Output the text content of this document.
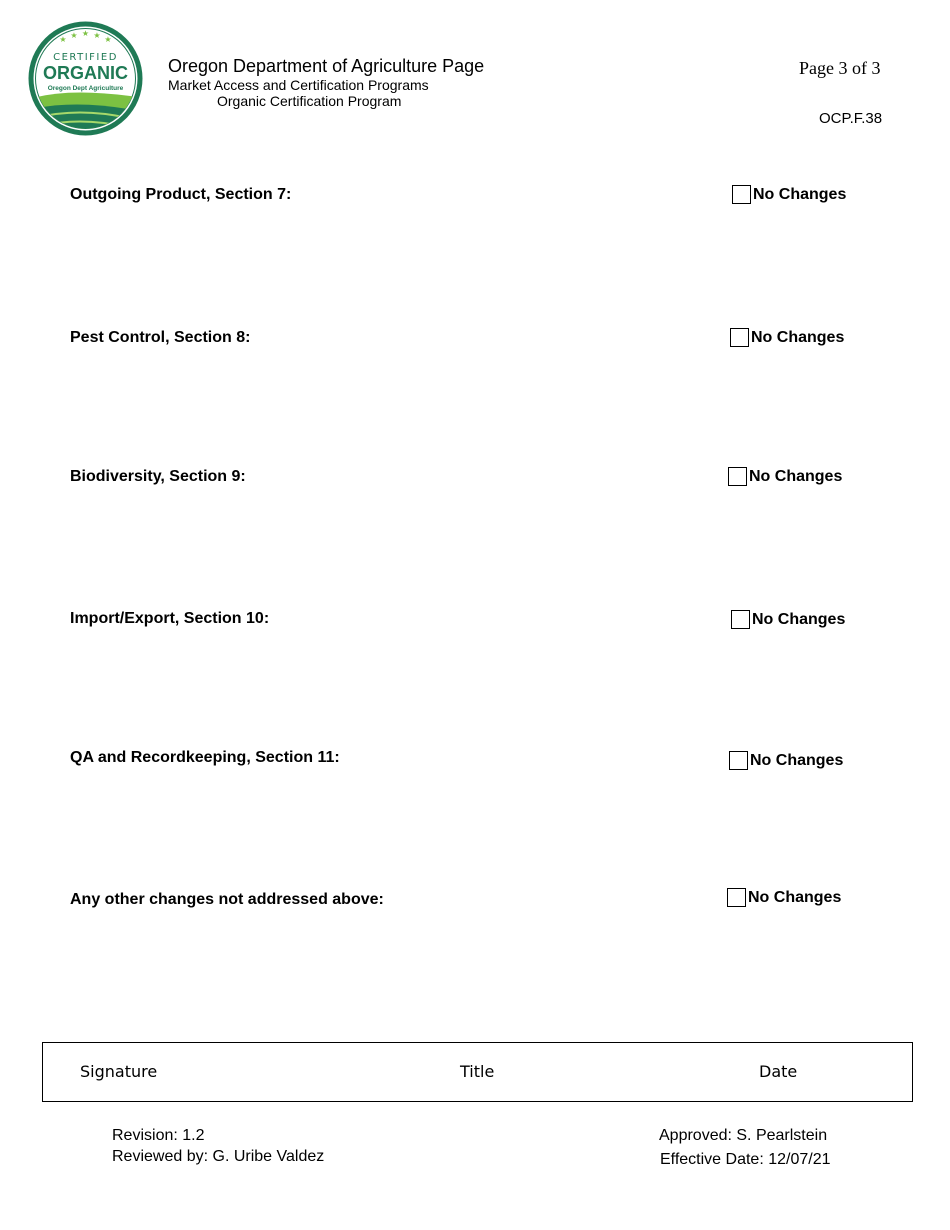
★ ★ ★ ★ ★
CERTIFIED
ORGANIC
Oregon Dept Agriculture
Oregon Department of Agriculture Page
Market Access and Certification Programs
Organic Certification Program
Page 3 of 3
OCP.F.38
Outgoing Product, Section 7:	No Changes
Pest Control, Section 8:	No Changes
Biodiversity, Section 9:	No Changes
Import/Export, Section 10:	No Changes
QA and Recordkeeping, Section 11:	No Changes
Any other changes not addressed above:	No Changes
Signature	Title	Date
Revision: 1.2
Reviewed by: G. Uribe Valdez
Approved: S. Pearlstein
Effective Date: 12/07/21
